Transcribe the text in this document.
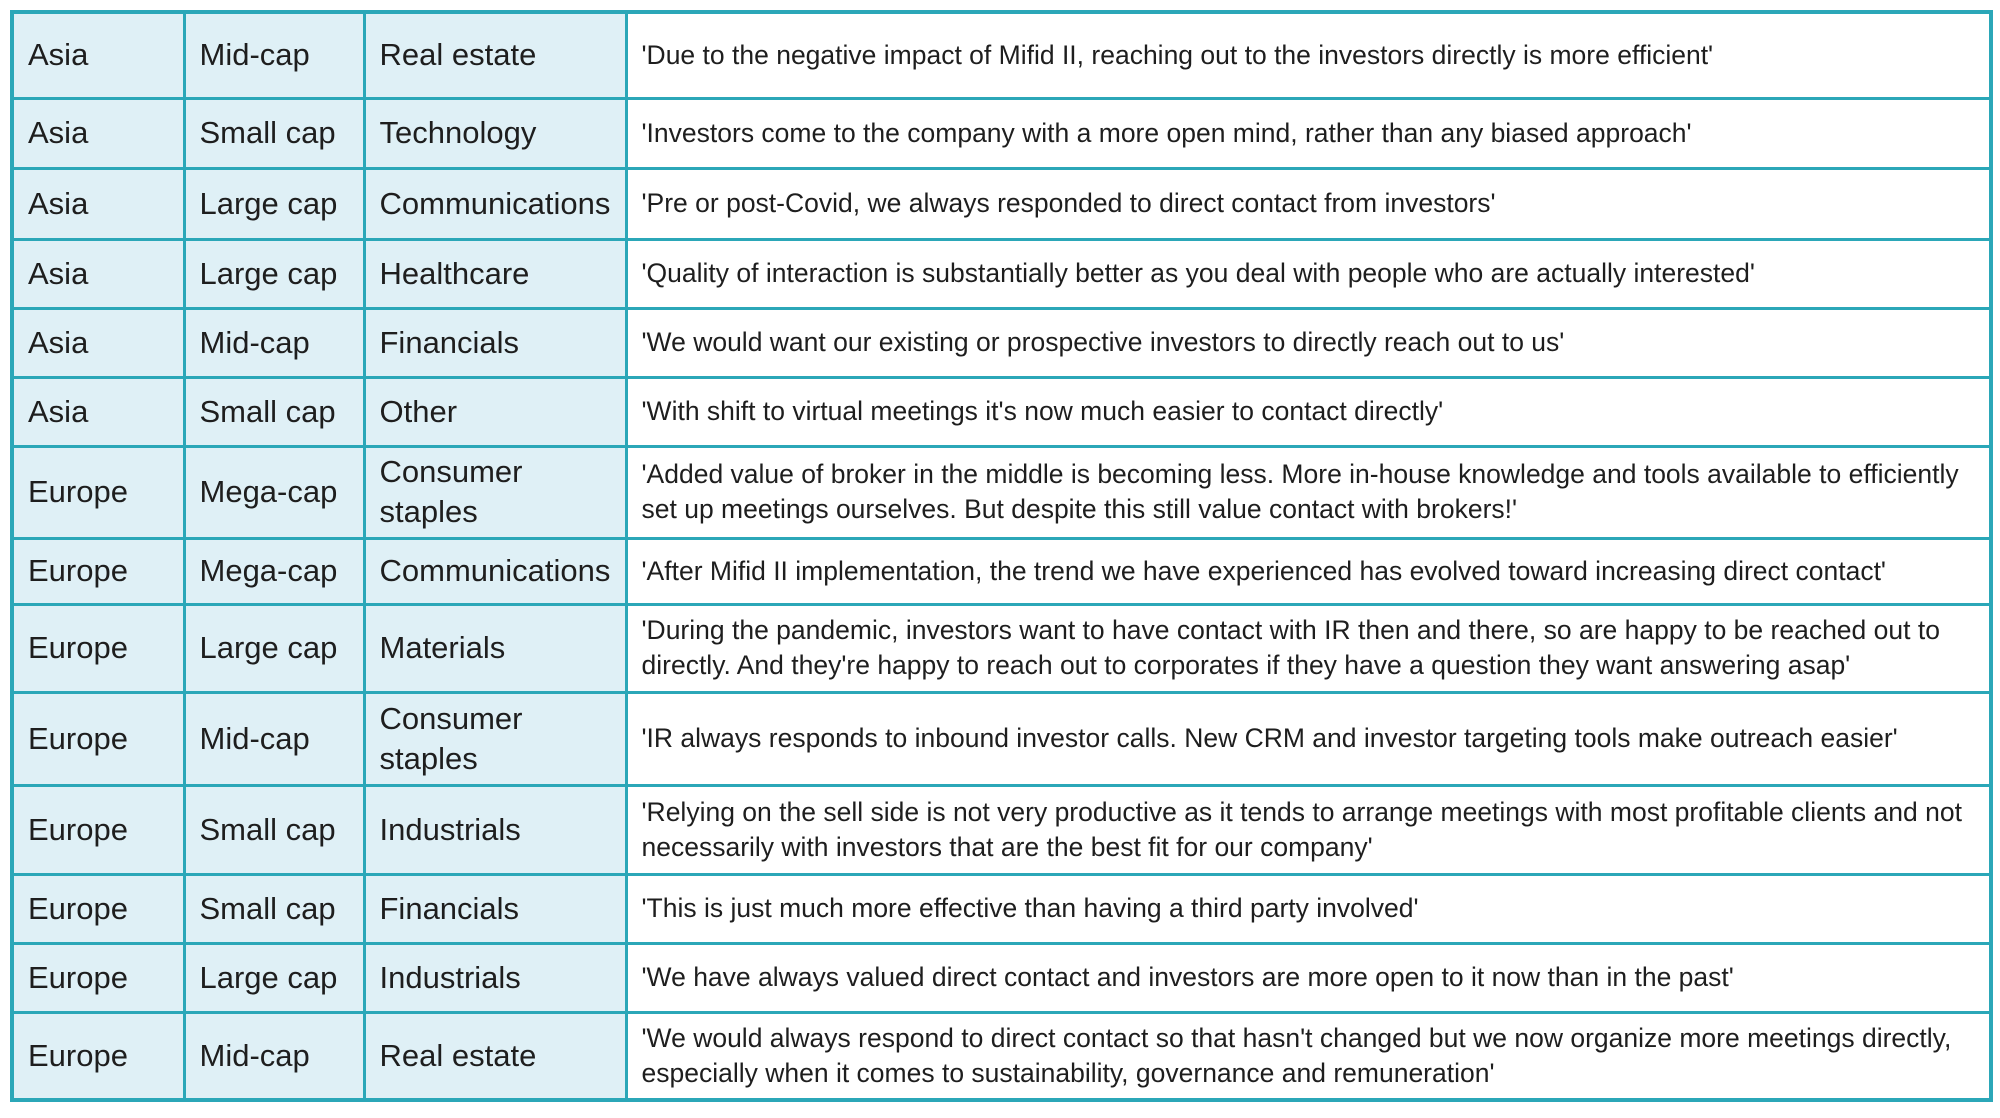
Asia	Mid-cap	Real estate	'Due to the negative impact of Mifid II, reaching out to the investors directly is more efficient'
Asia	Small cap	Technology	'Investors come to the company with a more open mind, rather than any biased approach'
Asia	Large cap	Communications	'Pre or post-Covid, we always responded to direct contact from investors'
Asia	Large cap	Healthcare	'Quality of interaction is substantially better as you deal with people who are actually interested'
Asia	Mid-cap	Financials	'We would want our existing or prospective investors to directly reach out to us'
Asia	Small cap	Other	'With shift to virtual meetings it's now much easier to contact directly'
Europe	Mega-cap	Consumer staples	'Added value of broker in the middle is becoming less. More in-house knowledge and tools available to efficiently set up meetings ourselves. But despite this still value contact with brokers!'
Europe	Mega-cap	Communications	'After Mifid II implementation, the trend we have experienced has evolved toward increasing direct contact'
Europe	Large cap	Materials	'During the pandemic, investors want to have contact with IR then and there, so are happy to be reached out to directly. And they're happy to reach out to corporates if they have a question they want answering asap'
Europe	Mid-cap	Consumer staples	'IR always responds to inbound investor calls. New CRM and investor targeting tools make outreach easier'
Europe	Small cap	Industrials	'Relying on the sell side is not very productive as it tends to arrange meetings with most profitable clients and not necessarily with investors that are the best fit for our company'
Europe	Small cap	Financials	'This is just much more effective than having a third party involved'
Europe	Large cap	Industrials	'We have always valued direct contact and investors are more open to it now than in the past'
Europe	Mid-cap	Real estate	'We would always respond to direct contact so that hasn't changed but we now organize more meetings directly, especially when it comes to sustainability, governance and remuneration'
